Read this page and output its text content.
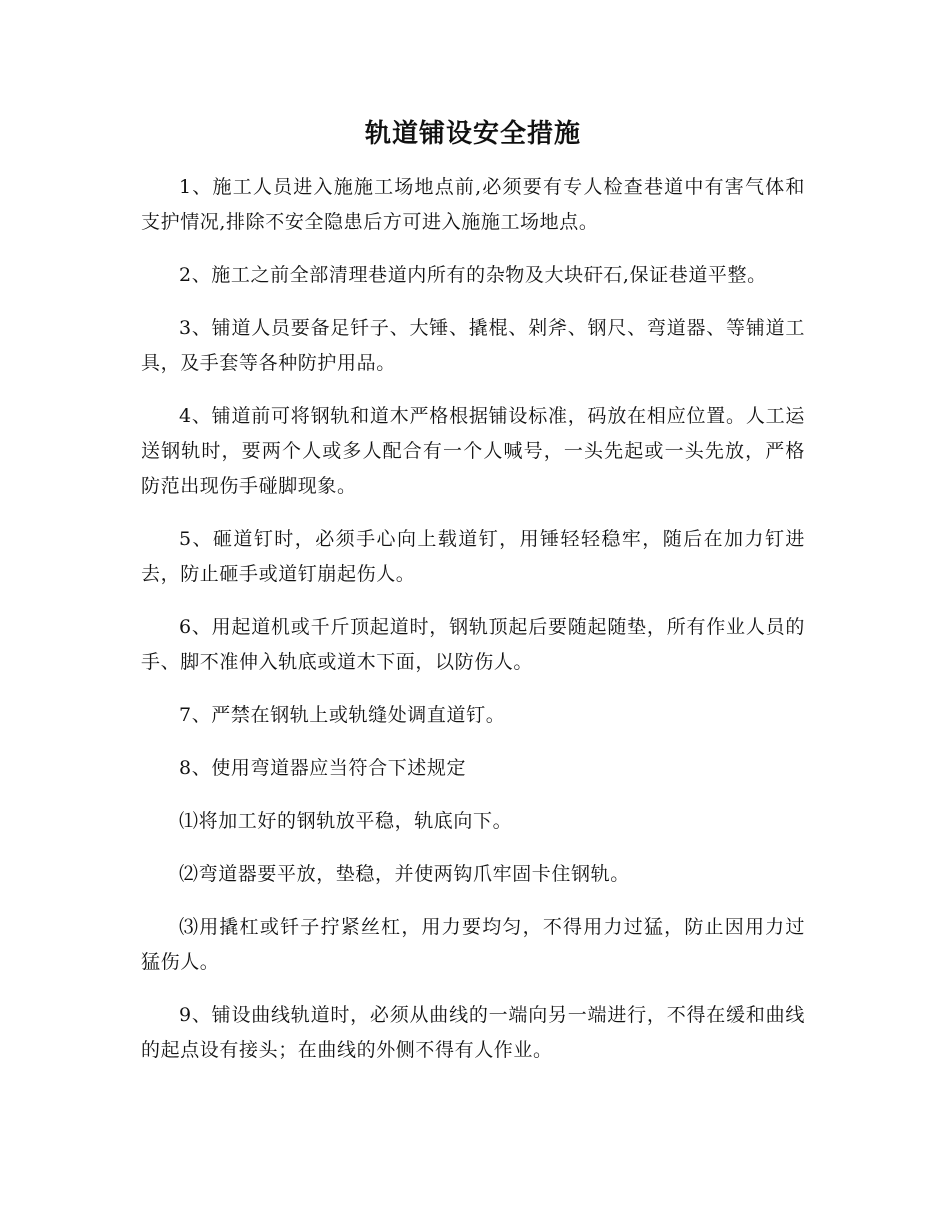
轨道铺设安全措施

1、施工人员进入施施工场地点前,必须要有专人检查巷道中有害气体和支护情况,排除不安全隐患后方可进入施施工场地点。

2、施工之前全部清理巷道内所有的杂物及大块矸石,保证巷道平整。

3、铺道人员要备足钎子、大锤、撬棍、剁斧、钢尺、弯道器、等铺道工具，及手套等各种防护用品。

4、铺道前可将钢轨和道木严格根据铺设标准，码放在相应位置。人工运送钢轨时，要两个人或多人配合有一个人喊号，一头先起或一头先放，严格防范出现伤手碰脚现象。

5、砸道钉时，必须手心向上载道钉，用锤轻轻稳牢，随后在加力钉进去，防止砸手或道钉崩起伤人。

6、用起道机或千斤顶起道时，钢轨顶起后要随起随垫，所有作业人员的手、脚不准伸入轨底或道木下面，以防伤人。

7、严禁在钢轨上或轨缝处调直道钉。

8、使用弯道器应当符合下述规定

⑴将加工好的钢轨放平稳，轨底向下。

⑵弯道器要平放，垫稳，并使两钩爪牢固卡住钢轨。

⑶用撬杠或钎子拧紧丝杠，用力要均匀，不得用力过猛，防止因用力过猛伤人。

9、铺设曲线轨道时，必须从曲线的一端向另一端进行，不得在缓和曲线的起点设有接头；在曲线的外侧不得有人作业。
